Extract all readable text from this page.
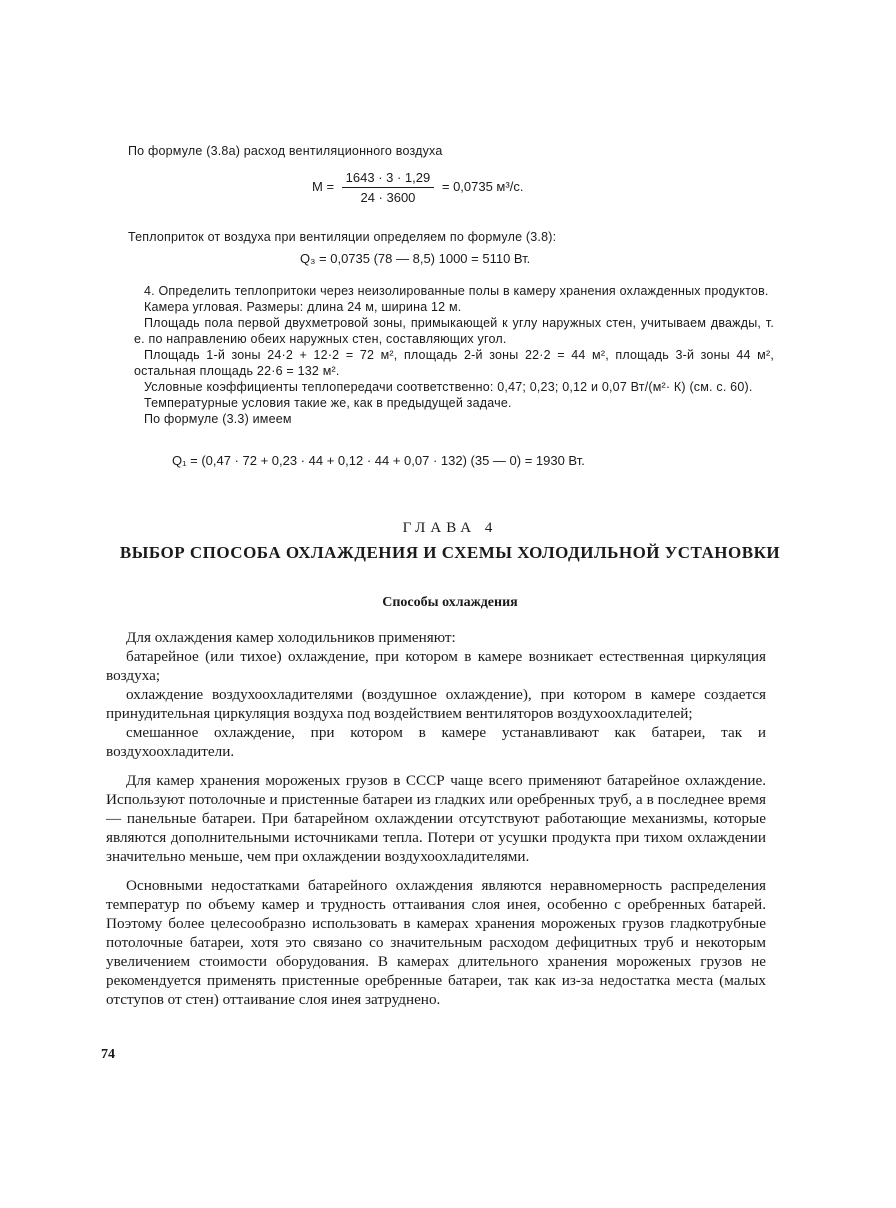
По формуле (3.8а) расход вентиляционного воздуха

$M = \frac{1643 \cdot 3 \cdot 1,29}{24 \cdot 3600} = 0,0735$ м³/с.

Теплоприток от воздуха при вентиляции определяем по формуле (3.8):

Q₃ = 0,0735 (78 — 8,5) 1000 = 5110 Вт.

4. Определить теплопритоки через неизолированные полы в камеру хранения охлажденных продуктов.

Камера угловая. Размеры: длина 24 м, ширина 12 м.

Площадь пола первой двухметровой зоны, примыкающей к углу наружных стен, учитываем дважды, т. е. по направлению обеих наружных стен, составляющих угол.

Площадь 1-й зоны 24·2 + 12·2 = 72 м², площадь 2-й зоны 22·2 = 44 м², площадь 3-й зоны 44 м², остальная площадь 22·6 = 132 м².

Условные коэффициенты теплопередачи соответственно: 0,47; 0,23; 0,12 и 0,07 Вт/(м²· К) (см. с. 60).

Температурные условия такие же, как в предыдущей задаче.

По формуле (3.3) имеем

Q₁ = (0,47 · 72 + 0,23 · 44 + 0,12 · 44 + 0,07 · 132) (35 — 0) = 1930 Вт.
ГЛАВА 4
ВЫБОР СПОСОБА ОХЛАЖДЕНИЯ И СХЕМЫ ХОЛОДИЛЬНОЙ УСТАНОВКИ
Способы охлаждения

Для охлаждения камер холодильников применяют:

батарейное (или тихое) охлаждение, при котором в камере возникает естественная циркуляция воздуха;

охлаждение воздухоохладителями (воздушное охлаждение), при котором в камере создается принудительная циркуляция воздуха под воздействием вентиляторов воздухоохладителей;

смешанное охлаждение, при котором в камере устанавливают как батареи, так и воздухоохладители.

Для камер хранения мороженых грузов в СССР чаще всего применяют батарейное охлаждение. Используют потолочные и пристенные батареи из гладких или оребренных труб, а в последнее время — панельные батареи. При батарейном охлаждении отсутствуют работающие механизмы, которые являются дополнительными источниками тепла. Потери от усушки продукта при тихом охлаждении значительно меньше, чем при охлаждении воздухоохладителями.

Основными недостатками батарейного охлаждения являются неравномерность распределения температур по объему камер и трудность оттаивания слоя инея, особенно с оребренных батарей. Поэтому более целесообразно использовать в камерах хранения мороженых грузов гладкотрубные потолочные батареи, хотя это связано со значительным расходом дефицитных труб и некоторым увеличением стоимости оборудования. В камерах длительного хранения мороженых грузов не рекомендуется применять пристенные оребренные батареи, так как из-за недостатка места (малых отступов от стен) оттаивание слоя инея затруднено.

74
